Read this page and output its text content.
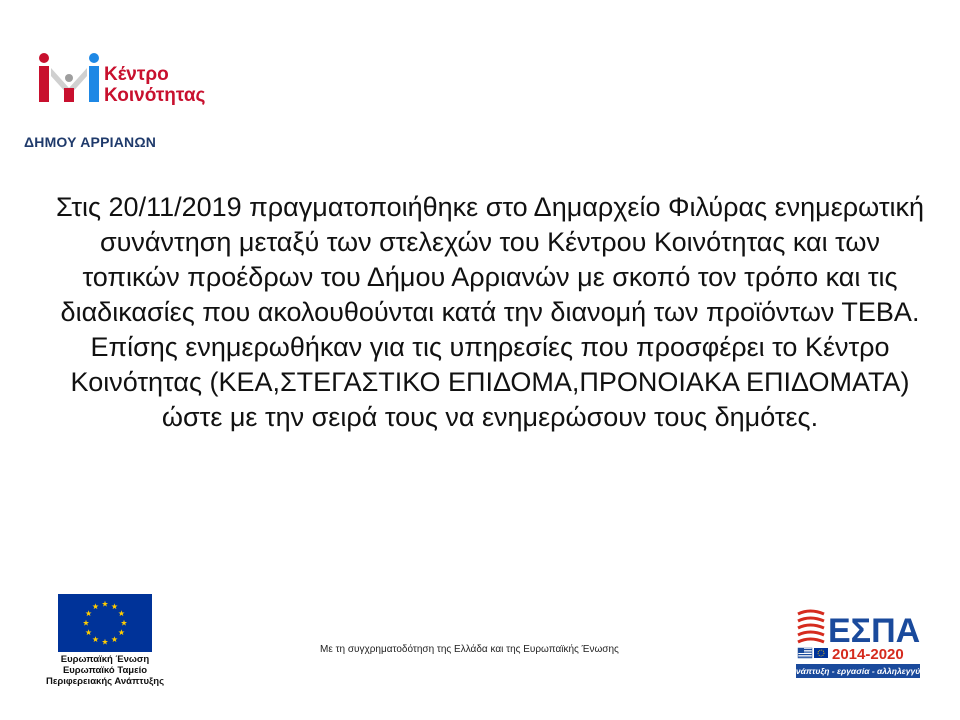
Κέντρο
Κοινότητας
ΔΗΜΟΥ ΑΡΡΙΑΝΩΝ
Στις 20/11/2019 πραγματοποιήθηκε στο Δημαρχείο Φιλύρας ενημερωτική συνάντηση μεταξύ των στελεχών του Κέντρου Κοινότητας και των τοπικών προέδρων του Δήμου Αρριανών με σκοπό τον τρόπο και τις διαδικασίες που ακολουθούνται κατά την διανομή των προϊόντων ΤΕΒΑ. Επίσης ενημερωθήκαν για τις υπηρεσίες που προσφέρει το Κέντρο Κοινότητας (ΚΕΑ,ΣΤΕΓΑΣΤΙΚΟ ΕΠΙΔΟΜΑ,ΠΡΟΝΟΙΑΚΑ ΕΠΙΔΟΜΑΤΑ) ώστε με την σειρά τους να ενημερώσουν τους δημότες.
Ευρωπαϊκή Ένωση
Ευρωπαϊκό Ταμείο
Περιφερειακής Ανάπτυξης
Με τη συγχρηματοδότηση της Ελλάδα και της Ευρωπαϊκής Ένωσης	ΕΣΠΑ
2014-2020
ανάπτυξη - εργασία - αλληλεγγύη
